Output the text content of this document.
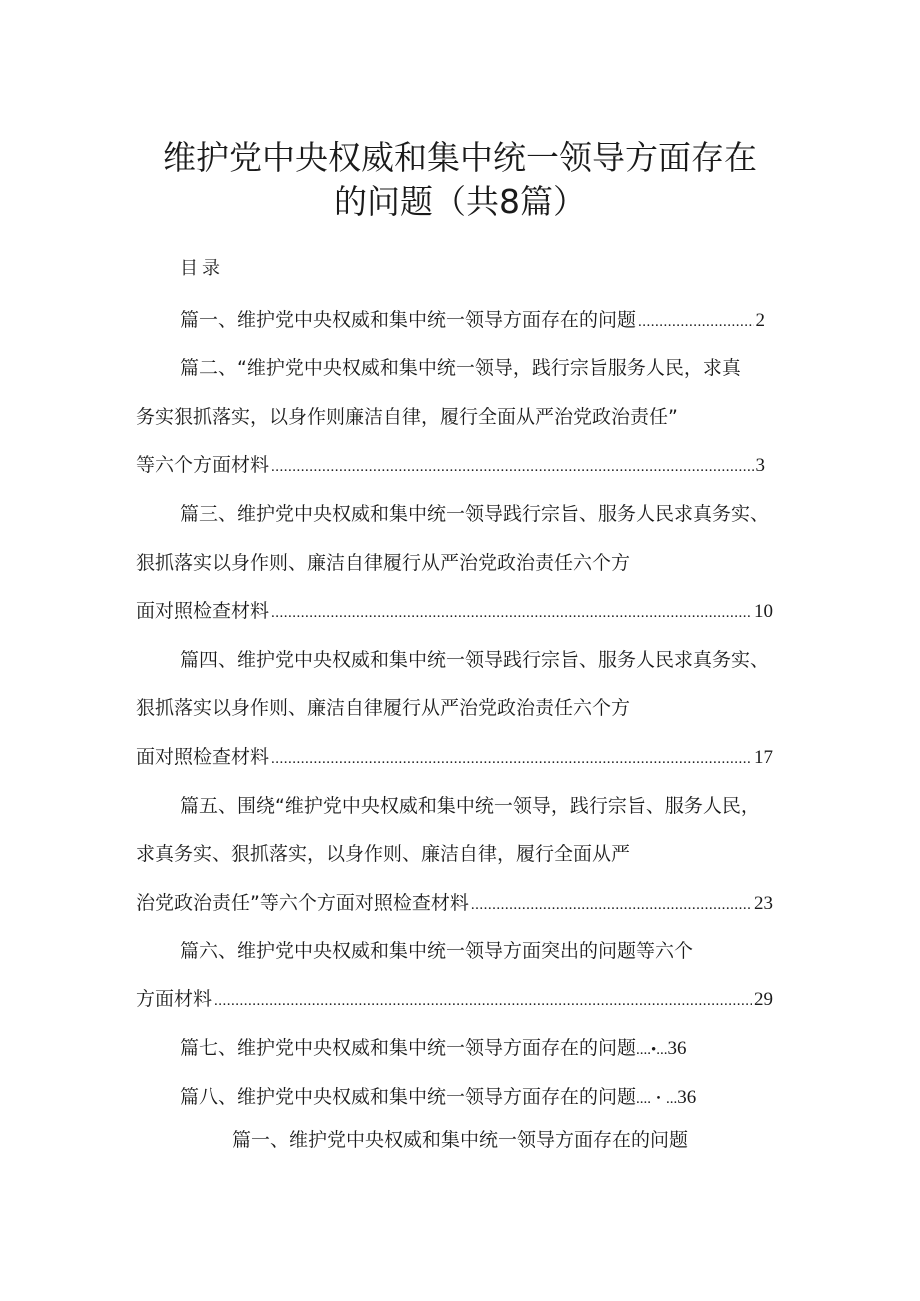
维护党中央权威和集中统一领导方面存在
的问题（共8篇）
目录
篇一、维护党中央权威和集中统一领导方面存在的问题 .....	2
篇二、“维护党中央权威和集中统一领导，践行宗旨服务人民，求真
务实狠抓落实，以身作则廉洁自律，履行全面从严治党政治责任”
等六个方面材料 .....	3
篇三、维护党中央权威和集中统一领导践行宗旨、服务人民求真务实、
狠抓落实以身作则、廉洁自律履行从严治党政治责任六个方
面对照检查材料 .....	10
篇四、维护党中央权威和集中统一领导践行宗旨、服务人民求真务实、
狠抓落实以身作则、廉洁自律履行从严治党政治责任六个方
面对照检查材料 .....	17
篇五、围绕“维护党中央权威和集中统一领导，践行宗旨、服务人民，
求真务实、狠抓落实，以身作则、廉洁自律，履行全面从严
治党政治责任”等六个方面对照检查材料 .....	23
篇六、维护党中央权威和集中统一领导方面突出的问题等六个
方面材料 .....	29
篇七、维护党中央权威和集中统一领导方面存在的问题....•...36
篇八、维护党中央权威和集中统一领导方面存在的问题....・...36
篇一、维护党中央权威和集中统一领导方面存在的问题
